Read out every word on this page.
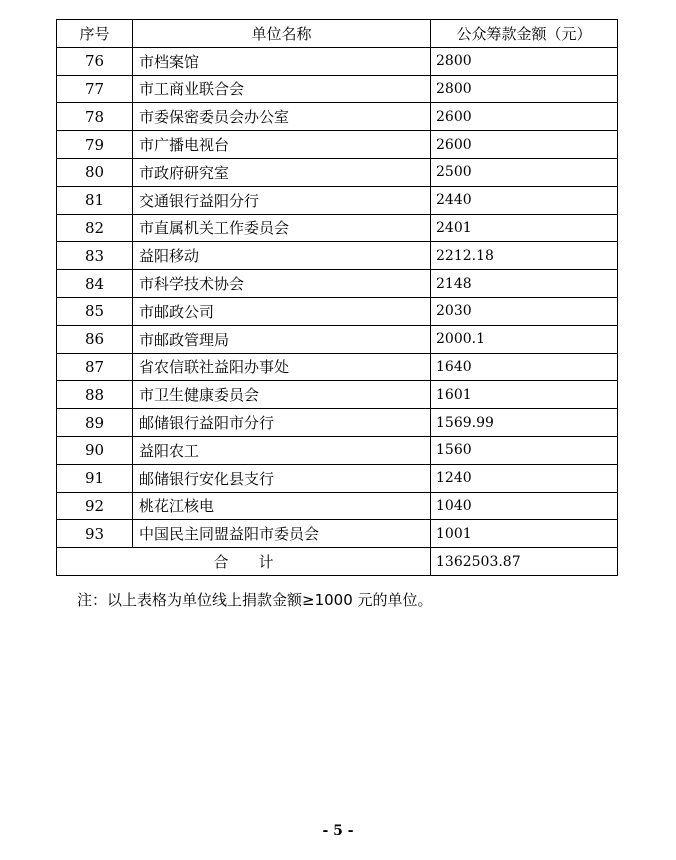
序号	单位名称	公众筹款金额（元）
76	市档案馆	2800
77	市工商业联合会	2800
78	市委保密委员会办公室	2600
79	市广播电视台	2600
80	市政府研究室	2500
81	交通银行益阳分行	2440
82	市直属机关工作委员会	2401
83	益阳移动	2212.18
84	市科学技术协会	2148
85	市邮政公司	2030
86	市邮政管理局	2000.1
87	省农信联社益阳办事处	1640
88	市卫生健康委员会	1601
89	邮储银行益阳市分行	1569.99
90	益阳农工	1560
91	邮储银行安化县支行	1240
92	桃花江核电	1040
93	中国民主同盟益阳市委员会	1001
合计		1362503.87
注：以上表格为单位线上捐款金额≥1000 元的单位。
- 5 -
